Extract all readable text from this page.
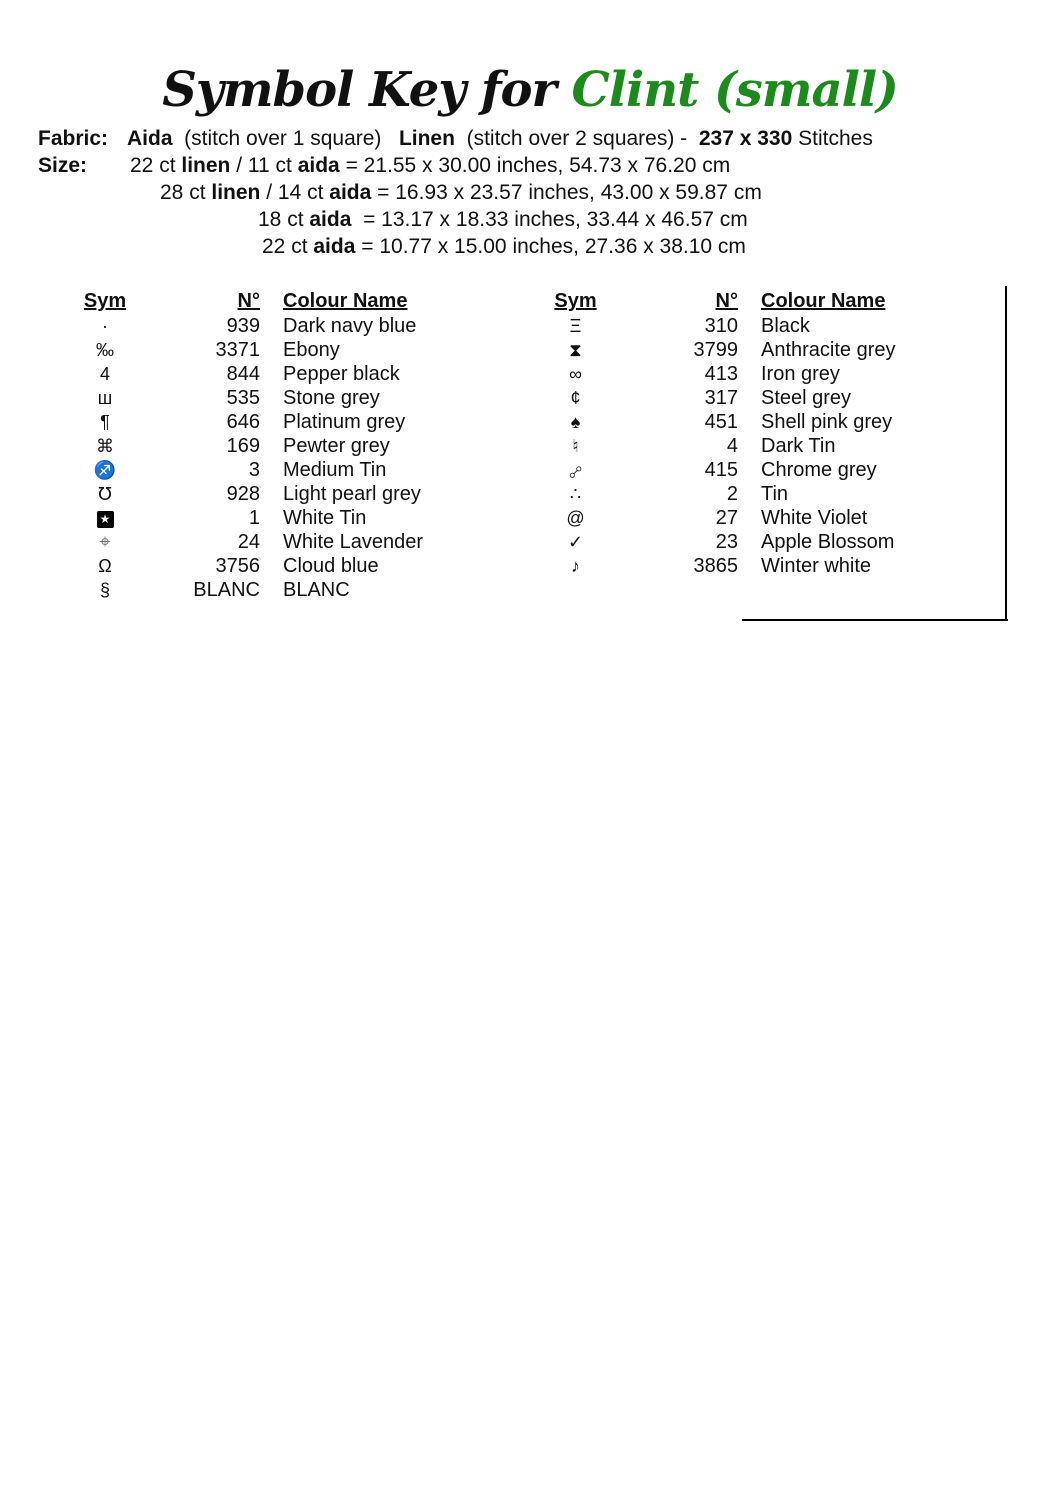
Symbol Key for Clint (small)
Fabric: Aida  (stitch over 1 square)   Linen  (stitch over 2 squares) -  237 x 330 Stitches
Size: 22 ct linen / 11 ct aida = 21.55 x 30.00 inches, 54.73 x 76.20 cm
28 ct linen / 14 ct aida = 16.93 x 23.57 inches, 43.00 x 59.87 cm
18 ct aida  = 13.17 x 18.33 inches, 33.44 x 46.57 cm
22 ct aida = 10.77 x 15.00 inches, 27.36 x 38.10 cm
Sym	N°	Colour Name
·	939	Dark navy blue
‰	3371	Ebony
4	844	Pepper black
ш	535	Stone grey
¶	646	Platinum grey
⌘	169	Pewter grey
♐	3	Medium Tin
℧	928	Light pearl grey
★	1	White Tin
⌖	24	White Lavender
Ω	3756	Cloud blue
§	BLANC	BLANC
Sym	N°	Colour Name
Ξ	310	Black
⧗	3799	Anthracite grey
∞	413	Iron grey
¢	317	Steel grey
♠	451	Shell pink grey
♮	4	Dark Tin
⧟	415	Chrome grey
∴	2	Tin
@	27	White Violet
✓	23	Apple Blossom
♪	3865	Winter white
